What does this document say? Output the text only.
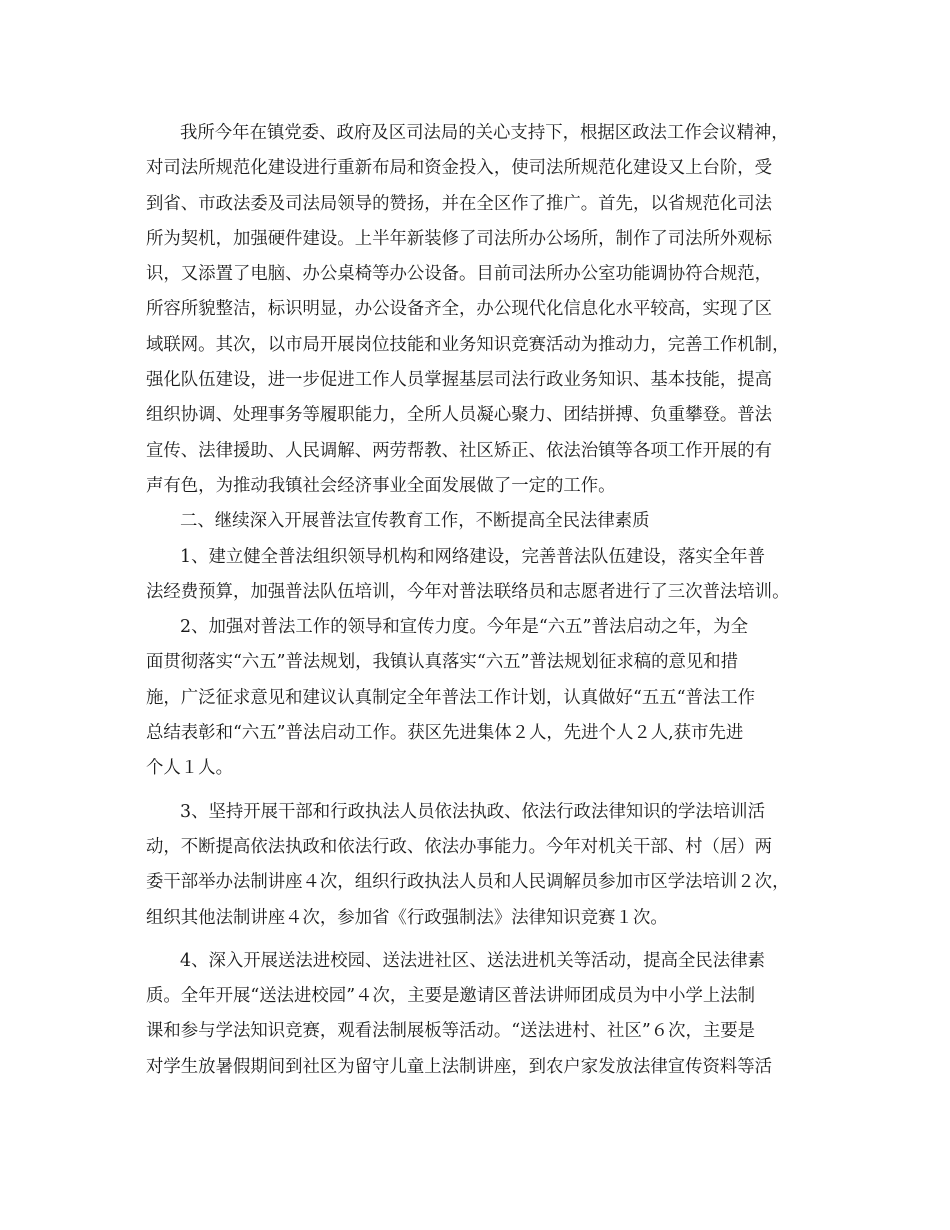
我所今年在镇党委、政府及区司法局的关心支持下，根据区政法工作会议精神，
对司法所规范化建设进行重新布局和资金投入，使司法所规范化建设又上台阶，受
到省、市政法委及司法局领导的赞扬，并在全区作了推广。首先，以省规范化司法
所为契机，加强硬件建设。上半年新装修了司法所办公场所，制作了司法所外观标
识，又添置了电脑、办公桌椅等办公设备。目前司法所办公室功能调协符合规范，
所容所貌整洁，标识明显，办公设备齐全，办公现代化信息化水平较高，实现了区
域联网。其次，以市局开展岗位技能和业务知识竞赛活动为推动力，完善工作机制，
强化队伍建设，进一步促进工作人员掌握基层司法行政业务知识、基本技能，提高
组织协调、处理事务等履职能力，全所人员凝心聚力、团结拼搏、负重攀登。普法
宣传、法律援助、人民调解、两劳帮教、社区矫正、依法治镇等各项工作开展的有
声有色，为推动我镇社会经济事业全面发展做了一定的工作。
二、继续深入开展普法宣传教育工作，不断提高全民法律素质
1、建立健全普法组织领导机构和网络建设，完善普法队伍建设，落实全年普
法经费预算，加强普法队伍培训，今年对普法联络员和志愿者进行了三次普法培训。
2、加强对普法工作的领导和宣传力度。今年是“六五”普法启动之年，为全
面贯彻落实“六五”普法规划，我镇认真落实“六五”普法规划征求稿的意见和措
施，广泛征求意见和建议认真制定全年普法工作计划，认真做好“五五“普法工作
总结表彰和“六五”普法启动工作。获区先进集体２人，先进个人２人,获市先进
个人１人。
3、坚持开展干部和行政执法人员依法执政、依法行政法律知识的学法培训活
动，不断提高依法执政和依法行政、依法办事能力。今年对机关干部、村（居）两
委干部举办法制讲座４次，组织行政执法人员和人民调解员参加市区学法培训２次，
组织其他法制讲座４次，参加省《行政强制法》法律知识竞赛１次。
4、深入开展送法进校园、送法进社区、送法进机关等活动，提高全民法律素
质。全年开展“送法进校园”４次，主要是邀请区普法讲师团成员为中小学上法制
课和参与学法知识竞赛，观看法制展板等活动。“送法进村、社区”６次，主要是
对学生放暑假期间到社区为留守儿童上法制讲座，到农户家发放法律宣传资料等活
